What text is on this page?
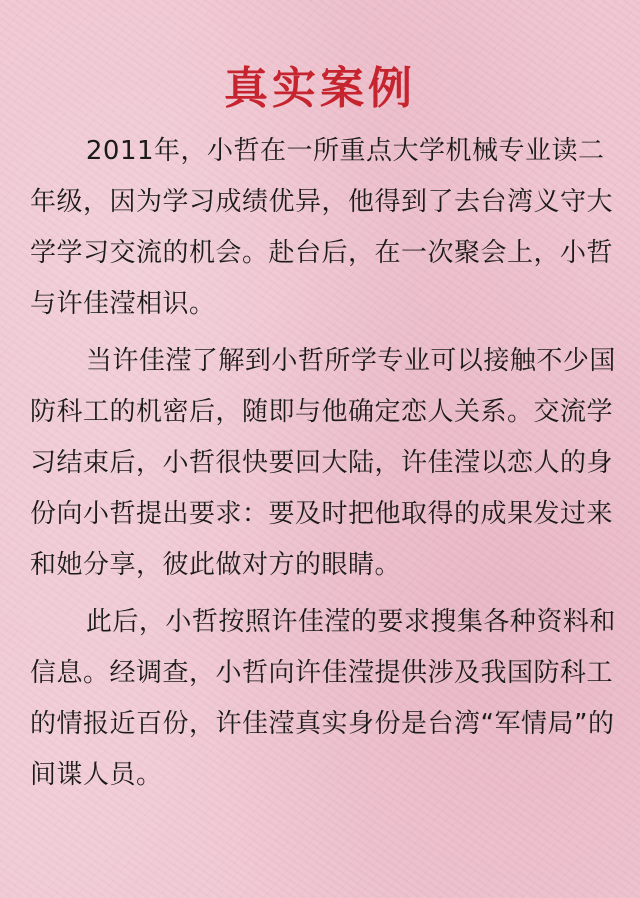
真实案例

2011年，小哲在一所重点大学机械专业读二年级，因为学习成绩优异，他得到了去台湾义守大学学习交流的机会。赴台后，在一次聚会上，小哲与许佳滢相识。

当许佳滢了解到小哲所学专业可以接触不少国防科工的机密后，随即与他确定恋人关系。交流学习结束后，小哲很快要回大陆，许佳滢以恋人的身份向小哲提出要求：要及时把他取得的成果发过来和她分享，彼此做对方的眼睛。

此后，小哲按照许佳滢的要求搜集各种资料和信息。经调查，小哲向许佳滢提供涉及我国防科工的情报近百份，许佳滢真实身份是台湾“军情局”的间谍人员。
